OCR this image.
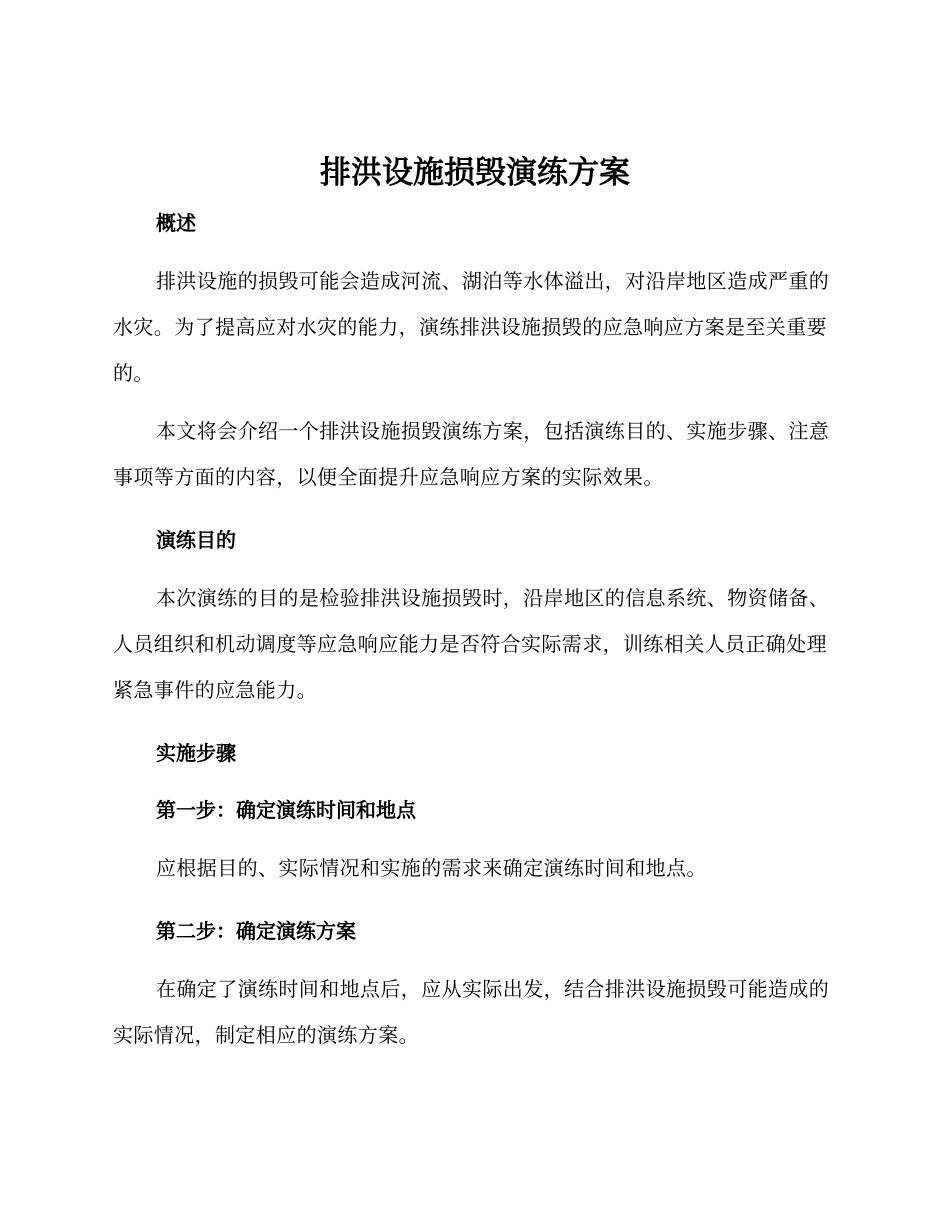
排洪设施损毁演练方案
概述

排洪设施的损毁可能会造成河流、湖泊等水体溢出，对沿岸地区造成严重的水灾。为了提高应对水灾的能力，演练排洪设施损毁的应急响应方案是至关重要的。

本文将会介绍一个排洪设施损毁演练方案，包括演练目的、实施步骤、注意事项等方面的内容，以便全面提升应急响应方案的实际效果。

演练目的

本次演练的目的是检验排洪设施损毁时，沿岸地区的信息系统、物资储备、人员组织和机动调度等应急响应能力是否符合实际需求，训练相关人员正确处理紧急事件的应急能力。

实施步骤
第一步：确定演练时间和地点

应根据目的、实际情况和实施的需求来确定演练时间和地点。

第二步：确定演练方案

在确定了演练时间和地点后，应从实际出发，结合排洪设施损毁可能造成的实际情况，制定相应的演练方案。
